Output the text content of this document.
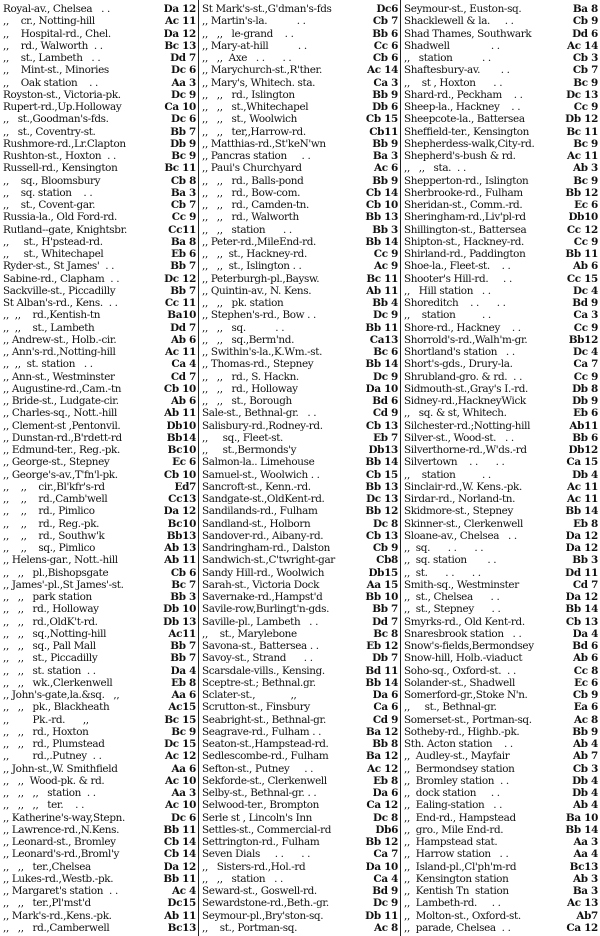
Royal-av., Chelsea   . .	Da 12
,,    cr., Notting-hill	Ac 11
,,    Hospital-rd., Chel.	Da 12
,,    rd., Walworth  . .	Bc 13
,,    st., Lambeth   . .	Dd 7
,,    Mint-st., Minories	Dc 6
,,    Oak station    . .	Aa 3
Royston-st., Victoria-pk.	Dc 9
Rupert-rd.,Up.Holloway	Ca 10
,,   st.,Goodman's-fds.	Dc 6
,,   st., Coventry-st.	Bb 7
Rushmore-rd.,Lr.Clapton	Db 9
Rushton-st., Hoxton  . .	Bc 9
Russell-rd., Kensington	Bc 11
,,    sq., Bloomsbury	Cb 8
,,    sq. station    . .	Ba 3
,,    st., Covent-gar.	Cb 7
Russia-la., Old Ford-rd.	Cc 9
Rutland--gate, Knightsbr.	Cc11
,,     st., H'pstead-rd.	Ba 8
,,     st., Whitechapel	Eb 6
Ryder-st., St James'  . .	Bb 7
Sabine-rd., Clapham  . .	Dc 12
Sackville-st., Piccadilly	Bb 7
St Alban's-rd., Kens.  . .	Cc 11
,,  ,,    rd.,Kentish-tn	Ba10
,,  ,,    st., Lambeth	Dd 7
,, Andrew-st., Holb.-cir.	Ab 6
,, Ann's-rd.,Notting-hill	Ac 11
,,  ,,  st. station   . .	Ca 4
,, Ann-st., Westminster	Cd 7
,, Augustine-rd.,Cam.-tn	Cb 10
,, Bride-st., Ludgate-cir.	Ab 6
,, Charles-sq., Nott.-hill	Ab 11
,, Clement-st ,Pentonvil.	Db10
,, Dunstan-rd.,B'rdett-rd	Bb14
,, Edmund-ter., Reg.-pk.	Bc10
,, George-st., Stepney	Ec 6
,, George's-av.,T'fn'l-pk.	Cb 10
,,    ,,    cir.,Bl'kfr's-rd	Ed7
,,    ,,    rd.,Camb'well	Cc13
,,    ,,    rd., Pimlico	Da 12
,,    ,,    rd., Reg.-pk.	Bc10
,,    ,,    rd., Southw'k	Bb13
,,    ,,    sq., Pimlico	Ab 13
,, Helens-gar., Nott.-hill	Ab 11
,,   ,,   pl.,Bishopsgate	Cb 6
,, James'-pl.,St James'-st.	Bc 7
,,   ,,   park station	Bb 3
,,   ,,   rd., Holloway	Db 10
,,   ,,   rd.,OldK't-rd.	Db 13
,,   ,,   sq.,Notting-hill	Ac11
,,   ,,   sq., Pall Mall	Bb 7
,,   ,,   st., Piccadilly	Bb 7
,,   ,,   st. station  . .	Da 4
,,   ,,   wk.,Clerkenwell	Eb 8
,, John's-gate,la.&sq.   ,,	Aa 6
,,   ,,   pk., Blackheath	Ac15
,,        Pk.-rd.      ,,	Bc 15
,,   ,,   rd., Hoxton	Bc 9
,,   ,,   rd., Plumstead	Dc 15
,,        rd.,.Putney  . .	Ac 12
,, John-st.,W. Smithfield	Aa 6
,,   ,,  Wood-pk. & rd.	Ac 10
,,   ,,   ,,   station  . .	Aa 3
,,   ,,   ,,   ter.    . .	Ac 10
,, Katherine's-way,Stepn.	Dc 6
,, Lawrence-rd.,N.Kens.	Bb 11
,, Leonard-st., Bromley	Cb 14
,, Leonard's-rd.,Broml'y	Cb 14
,,   ,,   ter.,Chelsea	Da 12
,, Lukes-rd.,Westb.-pk.	Bb 11
,, Margaret's station  . .	Ac 4
,,   ,,   ter.,Pl'mst'd	Dc15
,, Mark's-rd.,Kens.-pk.	Ab 11
,,   ,,   rd.,Camberwell	Bc13
St Mark's-st.,G'dman's-fds	Dc6
,, Martin's-la.          . .	Cb 7
,,   ,,   le-grand    . .	Bb 6
,, Mary-at-hill          . .	Cc 6
,,   ,,  Axe   . .      . .	Cb 6
,, Marychurch-st.,R'ther.	Ac 14
,, Mary's, Whitech. sta.	Ca 3
,,   ,,   rd., Islington	Bb 9
,,   ,,   st.,Whitechapel	Db 6
,,   ,,   st., Woolwich	Cb 15
,,   ,,   ter,,Harrow-rd.	Cb11
,, Matthias-rd.,St'keN'wn	Bb 9
,, Pancras station     . .	Ba 3
,, Paui's Churchyard	Ac 6
,,   ,,   rd., Balls-pond	Bb 9
,,   ,,   rd., Bow-com.	Cb 14
,,   ,,   rd., Camden-tn.	Cb 10
,,   ,,   rd., Walworth	Bb 13
,,   ,,   station      . .	Bb 3
,, Peter-rd.,MileEnd-rd.	Bb 14
,,   ,,  st., Hackney-rd.	Cc 9
,,   ,,  st., Islington . .	Ac 9
,, Peterburgh-pl.,Baysw.	Bc 11
,, Quintin-av., N. Kens.	Ab 11
,,   ,,   pk. station	Bb 4
,, Stephen's-rd., Bow . .	Dc 9
,,   ,,   sq.          . .	Bb 11
,,   ,,   sq.,Berm'nd.	Ca13
,, Swithin's-la.,K.Wm.-st.	Bc 6
,, Thomas-rd., Stepney	Bb 14
,,   ,,   rd., S. Hackn.	Dc 9
,,   ,,   rd., Holloway	Da 10
,,   ,,   st., Borough	Bd 6
Sale-st., Bethnal-gr.   . .	Cd 9
Salisbury-rd.,Rodney-rd.	Cb 13
,,     sq., Fleet-st.	Eb 7
,,     st.,Bermonds'y	Db13
Salmon-la.. Limehouse	Bb 14
Samuel-st., Woolwich . .	Cb 15
Sancroft-st., Kenn.-rd.	Bb 13
Sandgate-st.,OldKent-rd.	Dc 13
Sandilands-rd., Fulham	Bb 12
Sandland-st., Holborn	Dc 8
Sandover-rd., Aibany-rd.	Cb 13
Sandringham-rd., Dalston	Cb 9
Sandwich-st.,C'twright-gar	Cb8
Sandy Hill-rd., Woolwich	Db15
Sarah-st., Victoria Dock	Aa 15
Savernake-rd.,Hampst'd	Bb 10
Savile-row,Burlingt'n-gds.	Bb 7
Saville-pl., Lambeth   . .	Dd 7
,,    st., Marylebone	Bc 8
Savona-st., Battersea . .	Eb 12
Savoy-st., Strand      . .	Db 7
Scarsdale-vills., Kensing.	Bd 11
Sceptre-st.; Bethnal.gr.	Bb 14
Sclater-st.,            ,,	Da 6
Scrutton-st., Finsbury	Ca 6
Seabright-st., Bethnal-gr.	Cd 9
Seagrave-rd., Fulham . .	Ba 12
Seaton-st.,Hampstead-rd.	Bb 8
Sedlescombe-rd., Fulham	Ba 12
Sefton-st., Putney     . .	Ac 12
Sekforde-st., Clerkenwell	Eb 8
Selby-st., Bethnal-gr. . .	Da 6
Selwood-ter., Brompton	Ca 12
Serle st , Lincoln's Inn	Dc 8
Settles-st., Commercial-rd	Db6
Settrington-rd., Fulham	Bb 12
Seven Dials     . .      . .	Ca 7
,,   Sisters-rd.,Hol.-rd	Da 10
,,   ,,   station   . .	Ca 4
Seward-st., Goswell-rd.	Bd 9
Sewardstone-rd.,Beth.-gr.	Dc 9
Seymour-pl.,Bry'ston-sq.	Db 11
,,    st., Portman-sq.	Ac 8
Seymour-st., Euston-sq.	Ba 8
Shacklewell & la.     . .	Cb 9
Shad Thames, Southwark	Dd 6
Shadwell              . .	Ac 14
,,   station          . .	Cb 3
Shaftesbury-av.       . .	Cb 7
,,    st , Hoxton      . .	Bc 9
Shard-rd., Peckham    . .	Dc 13
Sheep-la., Hackney    . .	Cc 9
Sheepcote-la., Battersea	Db 12
Sheffield-ter., Kensington	Bc 11
Shepherdess-walk,City-rd.	Bc 9
Shepherd's-bush & rd.	Ac 11
,,   ,,   sta.  . .	Ab 3
Shepperton-rd., Islington	Bc 9
Sherbrooke-rd., Fulham	Bb 12
Sheridan-st., Comm.-rd.	Ec 6
Sheringham-rd.,Liv'pl-rd	Db10
Shillington-st., Battersea	Cc 12
Shipton-st., Hackney-rd.	Cc 9
Shirland-rd., Paddington	Bb 11
Shoe-la., Fleet-st.    . .	Ab 6
Shooter's Hill-rd.     . .	Cc 15
,,   Hill station   . .	Dc 4
Shoreditch    . .      . .	Bd 9
,,    station         . .	Ca 3
Shore-rd., Hackney    . .	Cc 9
Shorrold's-rd.,Walh'm-gr.	Bb12
Shortland's station   . .	Dc 4
Short's-gds., Drury-la.	Ca 7
Shrubland-gro. & rd.  . .	Cc 9
Sidmouth-st.,Gray's I.-rd.	Db 8
Sidney-rd.,HackneyWick	Db 9
,,   sq. & st, Whitech.	Eb 6
Silchester-rd.;Notting-hill	Ab11
Silver-st., Wood-st.   . .	Bb 6
Silverthorne-rd.,W'ds.-rd	Db12
Silvertown    . .      . .	Ca 15
,,    station         . .	Db 4
Sinclair-rd.,W. Kens.-pk.	Ac 11
Sirdar-rd., Norland-tn.	Ac 11
Skidmore-st., Stepney	Bb 14
Skinner-st., Clerkenwell	Eb 8
Sloane-av., Chelsea   . .	Da 12
,,  sq.      . .      . .	Da 12
,,  sq. station       . .	Bb 3
,,  st.      . .      . .	Dd 11
Smith-sq., Westminster	Cd 7
,,  st., Chelsea      . .	Da 12
,,  st., Stepney      . .	Bb 14
Smyrks-rd., Old Kent-rd.	Cb 13
Snaresbrook station   . .	Da 4
Snow's-fields,Bermondsey	Bd 6
Snow-hill, Holb.-viaduct	Ab 6
Soho-sq., Oxford-st.  . .	Cc 8
Solander-st., Shadwell	Ec 6
Somerford-gr.,Stoke N'n.	Cb 9
,,     st., Bethnal-gr.	Ea 6
Somerset-st., Portman-sq.	Ac 8
Sotheby-rd., Highb.-pk.	Bb 9
Sth. Acton station    . .	Ab 4
,,  Audley-st., Mayfair	Ab 7
,,  Bermondsey station	Cb 3
,,  Bromley station  . .	Db 4
,,  dock station     . .	Db 4
,,  Ealing-station   . .	Ab 4
,,  End-rd., Hampstead	Ba 10
,,  gro., Mile End-rd.	Bb 14
,,  Hampstead stat.	Aa 3
,,  Harrow station   . .	Aa 4
,,  Island-pl.,Cl'ph'm-rd	Bc13
,,  Kensington station	Ab 3
,,  Kentish Tn  station	Ba 3
,,  Lambeth-rd.     . .	Ac 13
,,  Molton-st., Oxford-st.	Ab7
,,  parade, Chelsea  . .	Ca 12
